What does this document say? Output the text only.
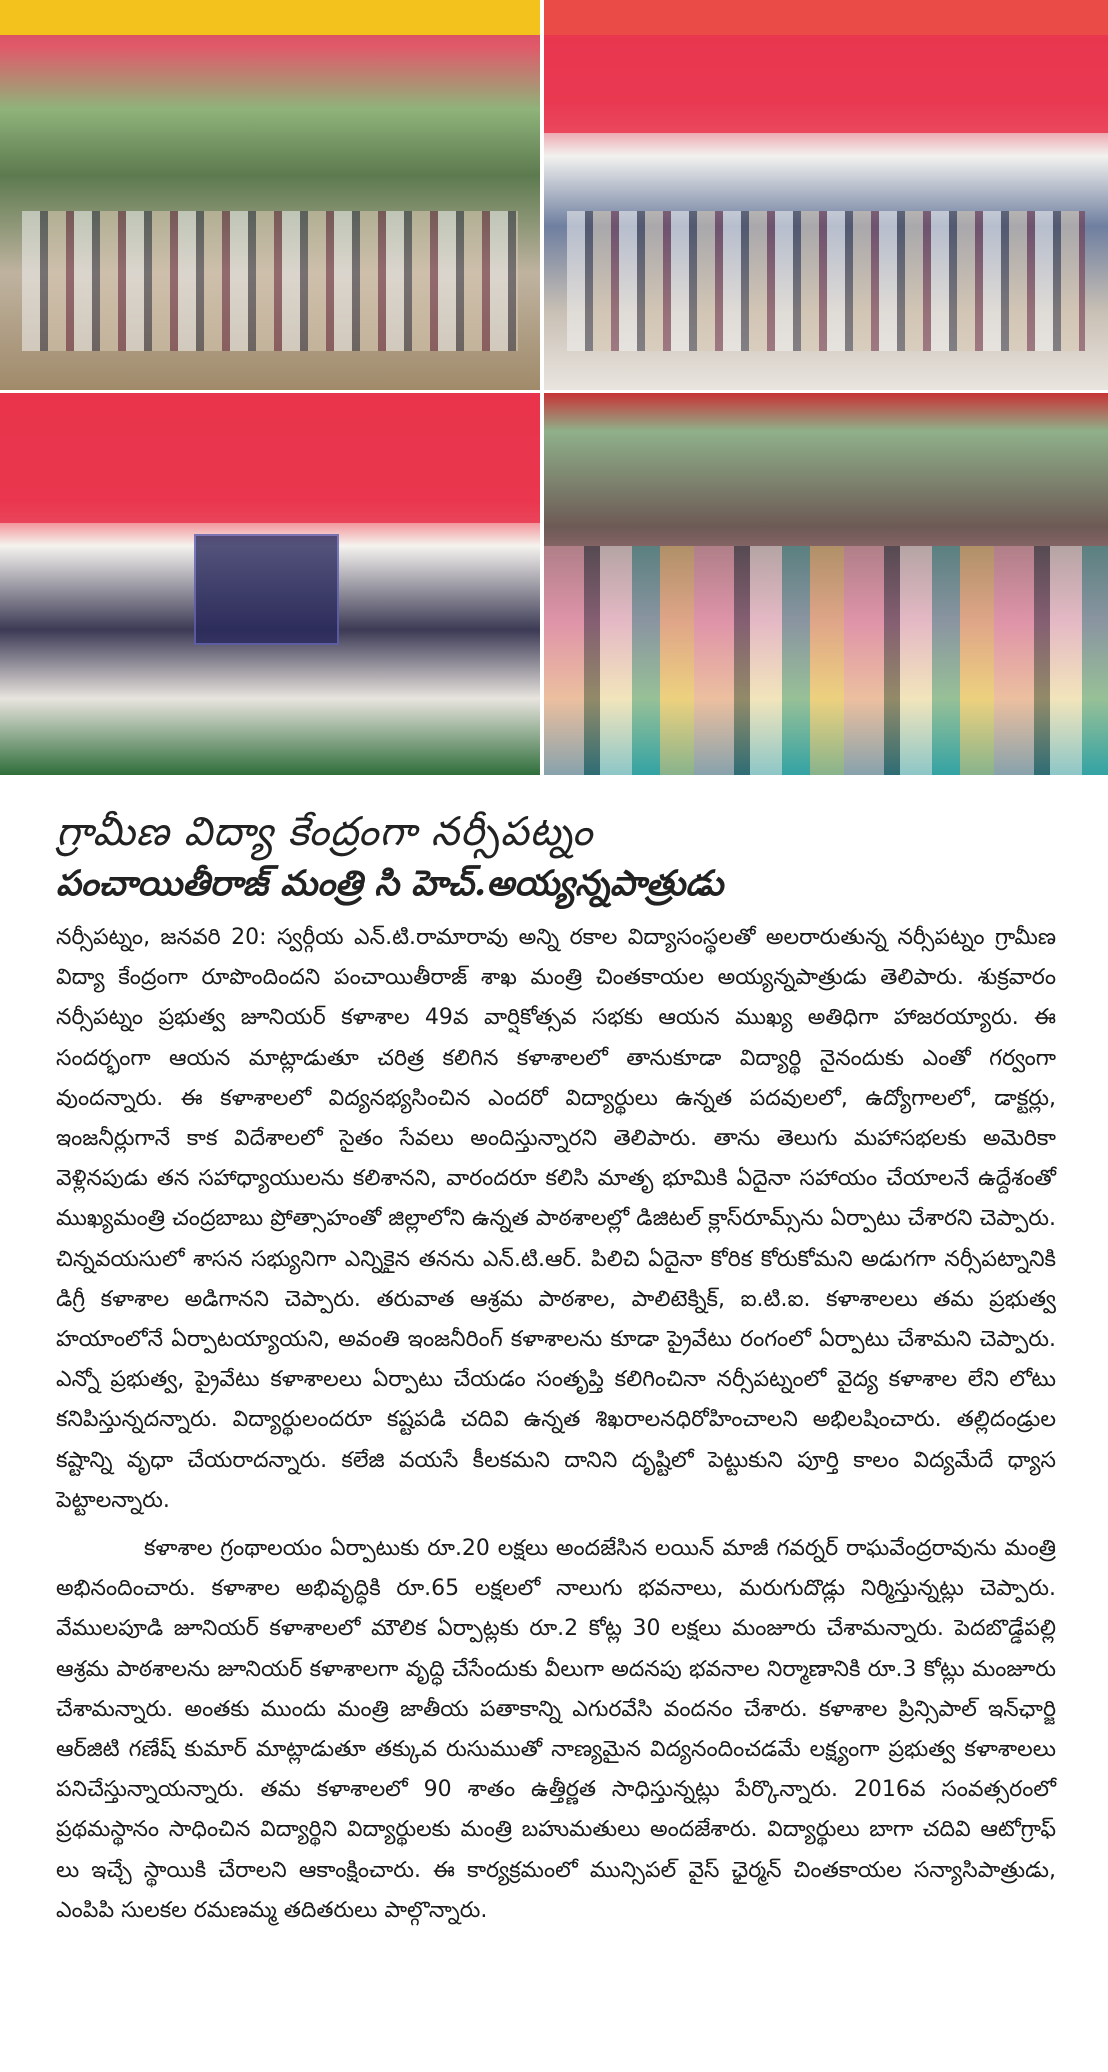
గ్రామీణ విద్యా కేంద్రంగా నర్సీపట్నం
పంచాయితీరాజ్ మంత్రి సి హెచ్.అయ్యన్నపాత్రుడు

నర్సీపట్నం, జనవరి 20: స్వర్గీయ ఎన్.టి.రామారావు అన్ని రకాల విద్యాసంస్థలతో అలరారుతున్న నర్సీపట్నం గ్రామీణ విద్యా కేంద్రంగా రూపొందిందని పంచాయితీరాజ్ శాఖ మంత్రి చింతకాయల అయ్యన్నపాత్రుడు తెలిపారు. శుక్రవారం నర్సీపట్నం ప్రభుత్వ జూనియర్ కళాశాల 49వ వార్షికోత్సవ సభకు ఆయన ముఖ్య అతిధిగా హాజరయ్యారు. ఈ సందర్భంగా ఆయన మాట్లాడుతూ చరిత్ర కలిగిన కళాశాలలో తానుకూడా విద్యార్థి నైనందుకు ఎంతో గర్వంగా వుందన్నారు. ఈ కళాశాలలో విద్యనభ్యసించిన ఎందరో విద్యార్థులు ఉన్నత పదవులలో, ఉద్యోగాలలో, డాక్టర్లు, ఇంజనీర్లుగానే కాక విదేశాలలో సైతం సేవలు అందిస్తున్నారని తెలిపారు. తాను తెలుగు మహాసభలకు అమెరికా వెళ్లినపుడు తన సహాధ్యాయులను కలిశానని, వారందరూ కలిసి మాతృ భూమికి ఏదైనా సహాయం చేయాలనే ఉద్దేశంతో ముఖ్యమంత్రి చంద్రబాబు ప్రోత్సాహంతో జిల్లాలోని ఉన్నత పాఠశాలల్లో డిజిటల్ క్లాస్‌రూమ్స్‌ను ఏర్పాటు చేశారని చెప్పారు. చిన్నవయసులో శాసన సభ్యునిగా ఎన్నికైన తనను ఎన్.టి.ఆర్. పిలిచి ఏదైనా కోరిక కోరుకోమని అడుగగా నర్సీపట్నానికి డిగ్రీ కళాశాల అడిగానని చెప్పారు. తరువాత ఆశ్రమ పాఠశాల, పాలిటెక్నిక్, ఐ.టి.ఐ. కళాశాలలు తమ ప్రభుత్వ హయాంలోనే ఏర్పాటయ్యాయని, అవంతి ఇంజనీరింగ్ కళాశాలను కూడా ప్రైవేటు రంగంలో ఏర్పాటు చేశామని చెప్పారు. ఎన్నో ప్రభుత్వ, ప్రైవేటు కళాశాలలు ఏర్పాటు చేయడం సంతృప్తి కలిగించినా నర్సీపట్నంలో వైద్య కళాశాల లేని లోటు కనిపిస్తున్నదన్నారు. విద్యార్థులందరూ కష్టపడి చదివి ఉన్నత శిఖరాలనధిరోహించాలని అభిలషించారు. తల్లిదండ్రుల కష్టాన్ని వృధా చేయరాదన్నారు. కలేజి వయసే కీలకమని దానిని దృష్టిలో పెట్టుకుని పూర్తి కాలం విద్యమేదే ధ్యాస పెట్టాలన్నారు.

కళాశాల గ్రంథాలయం ఏర్పాటుకు రూ.20 లక్షలు అందజేసిన లయిన్ మాజీ గవర్నర్ రాఘవేంద్రరావును మంత్రి అభినందించారు. కళాశాల అభివృద్ధికి రూ.65 లక్షలలో నాలుగు భవనాలు, మరుగుదొడ్లు నిర్మిస్తున్నట్లు చెప్పారు. వేములపూడి జూనియర్ కళాశాలలో మౌలిక ఏర్పాట్లకు రూ.2 కోట్ల 30 లక్షలు మంజూరు చేశామన్నారు. పెదబొడ్డేపల్లి ఆశ్రమ పాఠశాలను జూనియర్ కళాశాలగా వృద్ధి చేసేందుకు వీలుగా అదనపు భవనాల నిర్మాణానికి రూ.3 కోట్లు మంజూరు చేశామన్నారు. అంతకు ముందు మంత్రి జాతీయ పతాకాన్ని ఎగురవేసి వందనం చేశారు. కళాశాల ప్రిన్సిపాల్ ఇన్‌ఛార్జి ఆర్‌జిటి గణేష్ కుమార్ మాట్లాడుతూ తక్కువ రుసుముతో నాణ్యమైన విద్యనందించడమే లక్ష్యంగా ప్రభుత్వ కళాశాలలు పనిచేస్తున్నాయన్నారు. తమ కళాశాలలో 90 శాతం ఉత్తీర్ణత సాధిస్తున్నట్లు పేర్కొన్నారు. 2016వ సంవత్సరంలో ప్రథమస్థానం సాధించిన విద్యార్థిని విద్యార్థులకు మంత్రి బహుమతులు అందజేశారు. విద్యార్థులు బాగా చదివి ఆటోగ్రాఫ్ లు ఇచ్చే స్థాయికి చేరాలని ఆకాంక్షించారు. ఈ కార్యక్రమంలో మున్సిపల్ వైస్ ఛైర్మన్ చింతకాయల సన్యాసిపాత్రుడు, ఎంపిపి సులకల రమణమ్మ తదితరులు పాల్గొన్నారు.
